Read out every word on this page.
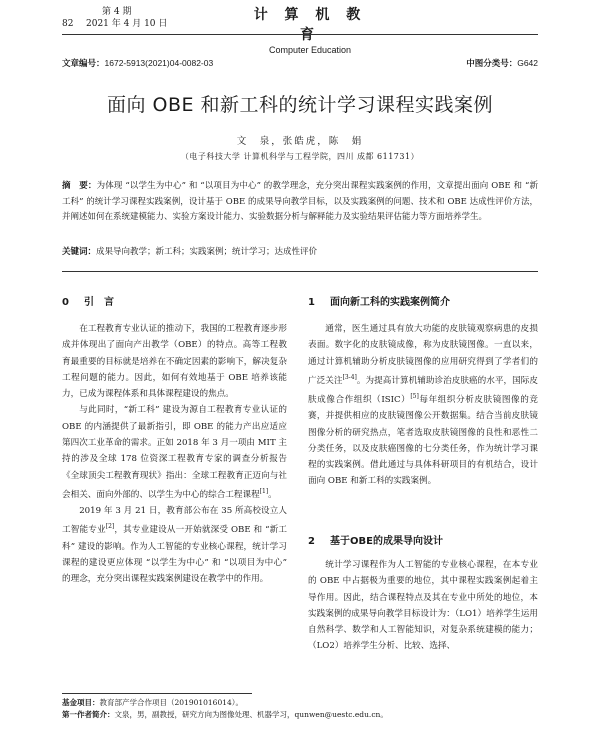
第 4 期
82 2021 年 4 月 10 日
计 算 机 教 育
Computer Education
文章编号：1672-5913(2021)04-0082-03	中图分类号：G642
面向 OBE 和新工科的统计学习课程实践案例
文　泉，张皓虎，陈　娟
（电子科技大学 计算机科学与工程学院，四川 成都 611731）
摘　要：为体现 “以学生为中心” 和 “以项目为中心” 的教学理念，充分突出课程实践案例的作用，文章提出面向 OBE 和 “新工科” 的统计学习课程实践案例，设计基于 OBE 的成果导向教学目标，以及实践案例的问题、技术和 OBE 达成性评价方法，并阐述如何在系统建模能力、实验方案设计能力、实验数据分析与解释能力及实验结果评估能力等方面培养学生。
关键词：成果导向教学；新工科；实践案例；统计学习；达成性评价
0 引　言

在工程教育专业认证的推动下，我国的工程教育逐步形成并体现出了面向产出教学（OBE）的特点。高等工程教育最重要的目标就是培养在不确定因素的影响下，解决复杂工程问题的能力。因此，如何有效地基于 OBE 培养该能力，已成为课程体系和具体课程建设的焦点。

与此同时，“新工科” 建设为源自工程教育专业认证的 OBE 的内涵提供了最新指引，即 OBE 的能力产出应适应第四次工业革命的需求。正如 2018 年 3 月一项由 MIT 主持的涉及全球 178 位资深工程教育专家的调查分析报告《全球顶尖工程教育现状》指出：全球工程教育正迈向与社会相关、面向外部的、以学生为中心的综合工程课程[1]。

2019 年 3 月 21 日，教育部公布在 35 所高校设立人工智能专业[2]，其专业建设从一开始就深受 OBE 和 “新工科” 建设的影响。作为人工智能的专业核心课程，统计学习课程的建设更应体现 “以学生为中心” 和 “以项目为中心” 的理念，充分突出课程实践案例建设在教学中的作用。

1 面向新工科的实践案例简介

通常，医生通过具有放大功能的皮肤镜观察病患的皮损表面。数字化的皮肤镜成像，称为皮肤镜图像。一直以来，通过计算机辅助分析皮肤镜图像的应用研究得到了学者们的广泛关注[3-4]。为提高计算机辅助诊治皮肤癌的水平，国际皮肤成像合作组织（ISIC）[5]每年组织分析皮肤镜图像的竞赛，并提供相应的皮肤镜图像公开数据集。结合当前皮肤镜图像分析的研究热点，笔者选取皮肤镜图像的良性和恶性二分类任务，以及皮肤癌图像的七分类任务，作为统计学习课程的实践案例。借此通过与具体科研项目的有机结合，设计面向 OBE 和新工科的实践案例。

2 基于OBE的成果导向设计

统计学习课程作为人工智能的专业核心课程，在本专业的 OBE 中占据极为重要的地位，其中课程实践案例起着主导作用。因此，结合课程特点及其在专业中所处的地位，本实践案例的成果导向教学目标设计为：（LO1）培养学生运用自然科学、数学和人工智能知识，对复杂系统建模的能力；（LO2）培养学生分析、比较、选择、

基金项目：教育部产学合作项目（201901016014）。
第一作者简介：文泉，男，副教授，研究方向为图像处理、机器学习，qunwen@uestc.edu.cn。
